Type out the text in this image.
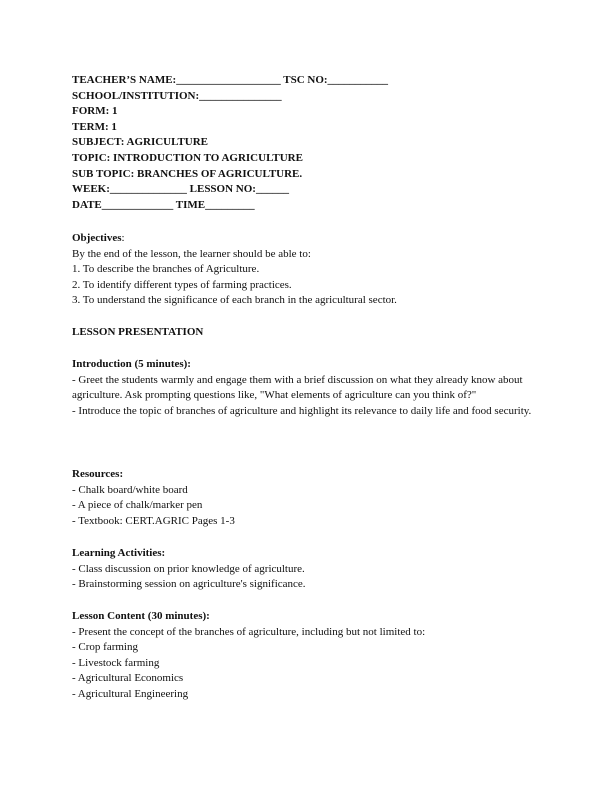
TEACHER’S NAME:___________________ TSC NO:___________

SCHOOL/INSTITUTION:_______________

FORM: 1

TERM: 1

SUBJECT: AGRICULTURE

TOPIC: INTRODUCTION TO AGRICULTURE

SUB TOPIC: BRANCHES OF AGRICULTURE.

WEEK:______________ LESSON NO:______

DATE_____________ TIME_________

Objectives:

By the end of the lesson, the learner should be able to:

1. To describe the branches of Agriculture.

2. To identify different types of farming practices.

3. To understand the significance of each branch in the agricultural sector.

LESSON PRESENTATION

Introduction (5 minutes):

- Greet the students warmly and engage them with a brief discussion on what they already know about agriculture. Ask prompting questions like, "What elements of agriculture can you think of?"

- Introduce the topic of branches of agriculture and highlight its relevance to daily life and food security.

Resources:

- Chalk board/white board

- A piece of chalk/marker pen

- Textbook: CERT.AGRIC Pages 1-3

Learning Activities:

- Class discussion on prior knowledge of agriculture.

- Brainstorming session on agriculture's significance.

Lesson Content (30 minutes):

- Present the concept of the branches of agriculture, including but not limited to:

- Crop farming

- Livestock farming

- Agricultural Economics

- Agricultural Engineering
